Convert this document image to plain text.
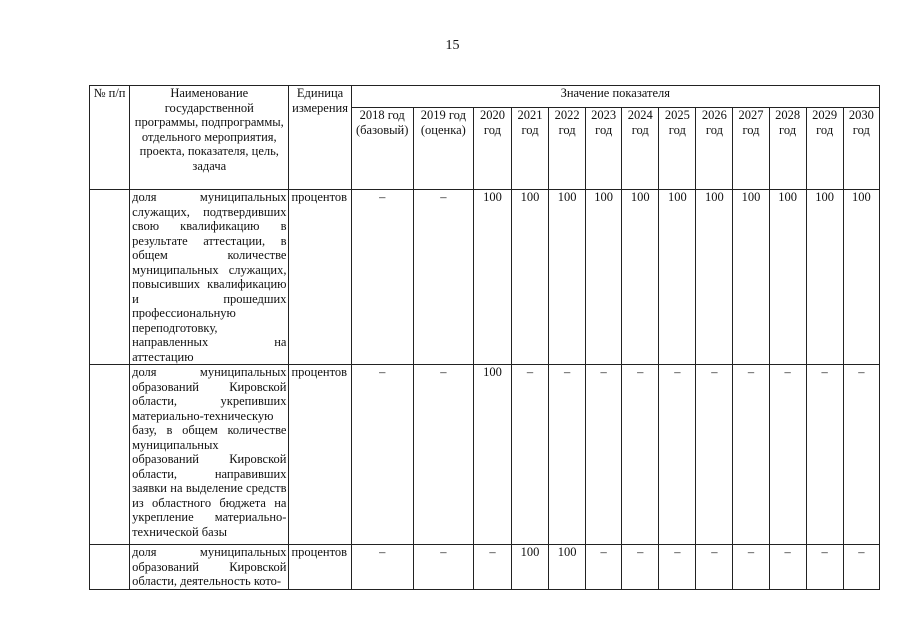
15
№ п/п	Наименование государственной программы, подпрограммы, отдельного мероприятия, проекта, показателя, цель, задача	Единица измерения	Значение показателя												
			2018 год (базовый)	2019 год (оценка)	2020 год	2021 год	2022 год	2023 год	2024 год	2025 год	2026 год	2027 год	2028 год	2029 год	2030 год
	доля муниципальных служащих, подтвердивших свою квалификацию в результате аттестации, в общем количестве муниципальных служащих, повысивших квалификацию и прошедших профессиональную переподготовку, направленных на аттестацию	процентов	–	–	100	100	100	100	100	100	100	100	100	100	100
	доля муниципальных образований Кировской области, укрепивших материально-техническую базу, в общем количестве муниципальных образований Кировской области, направивших заявки на выделение средств из областного бюджета на укрепление материально-технической базы	процентов	–	–	100	–	–	–	–	–	–	–	–	–	–
	доля муниципальных образований Кировской области, деятельность кото-	процентов	–	–	–	100	100	–	–	–	–	–	–	–	–
